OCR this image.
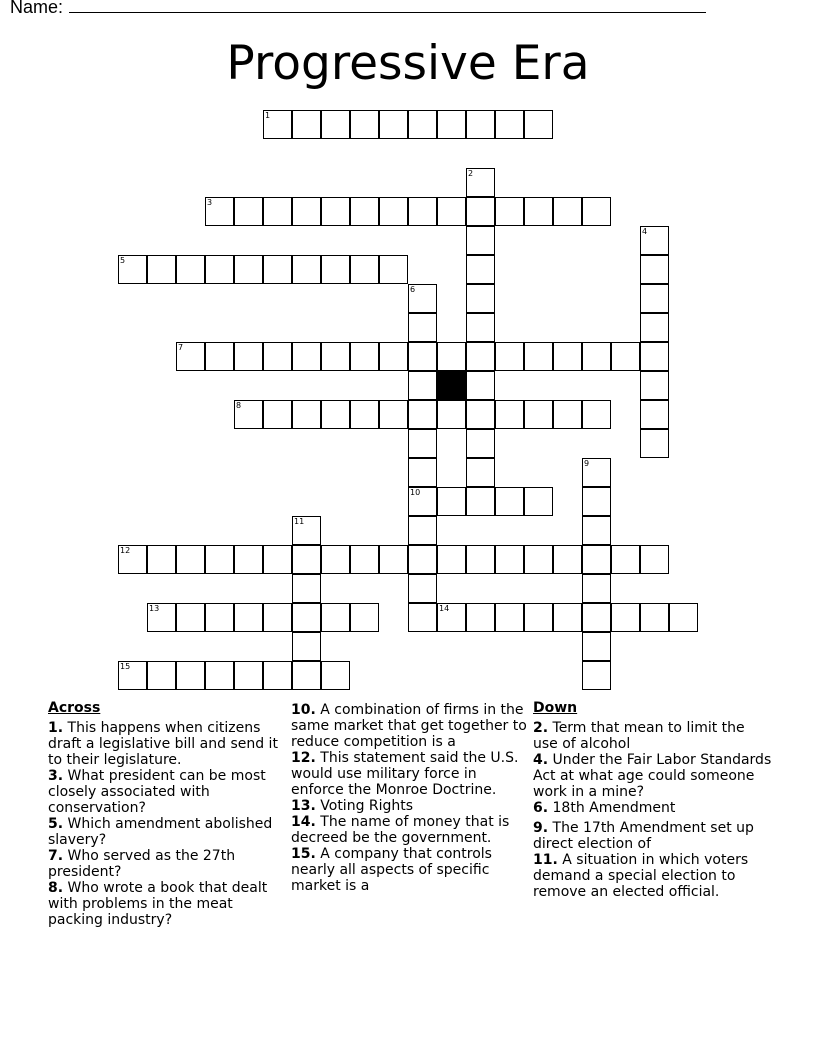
Name:
Progressive Era
1
3
5
7
8
10
12
13	14
15
2
4
6
9
11
Across
1. This happens when citizens draft a legislative bill and send it to their legislature.
3. What president can be most closely associated with conservation?
5. Which amendment abolished slavery?
7. Who served as the 27th president?
8. Who wrote a book that dealt with problems in the meat packing industry?
10. A combination of firms in the same market that get together to reduce competition is a
12. This statement said the U.S. would use military force in enforce the Monroe Doctrine.
13. Voting Rights
14. The name of money that is decreed be the government.
15. A company that controls nearly all aspects of specific market is a
Down
2. Term that mean to limit the use of alcohol
4. Under the Fair Labor Standards Act at what age could someone work in a mine?
6. 18th Amendment
9. The 17th Amendment set up direct election of
11. A situation in which voters demand a special election to remove an elected official.
